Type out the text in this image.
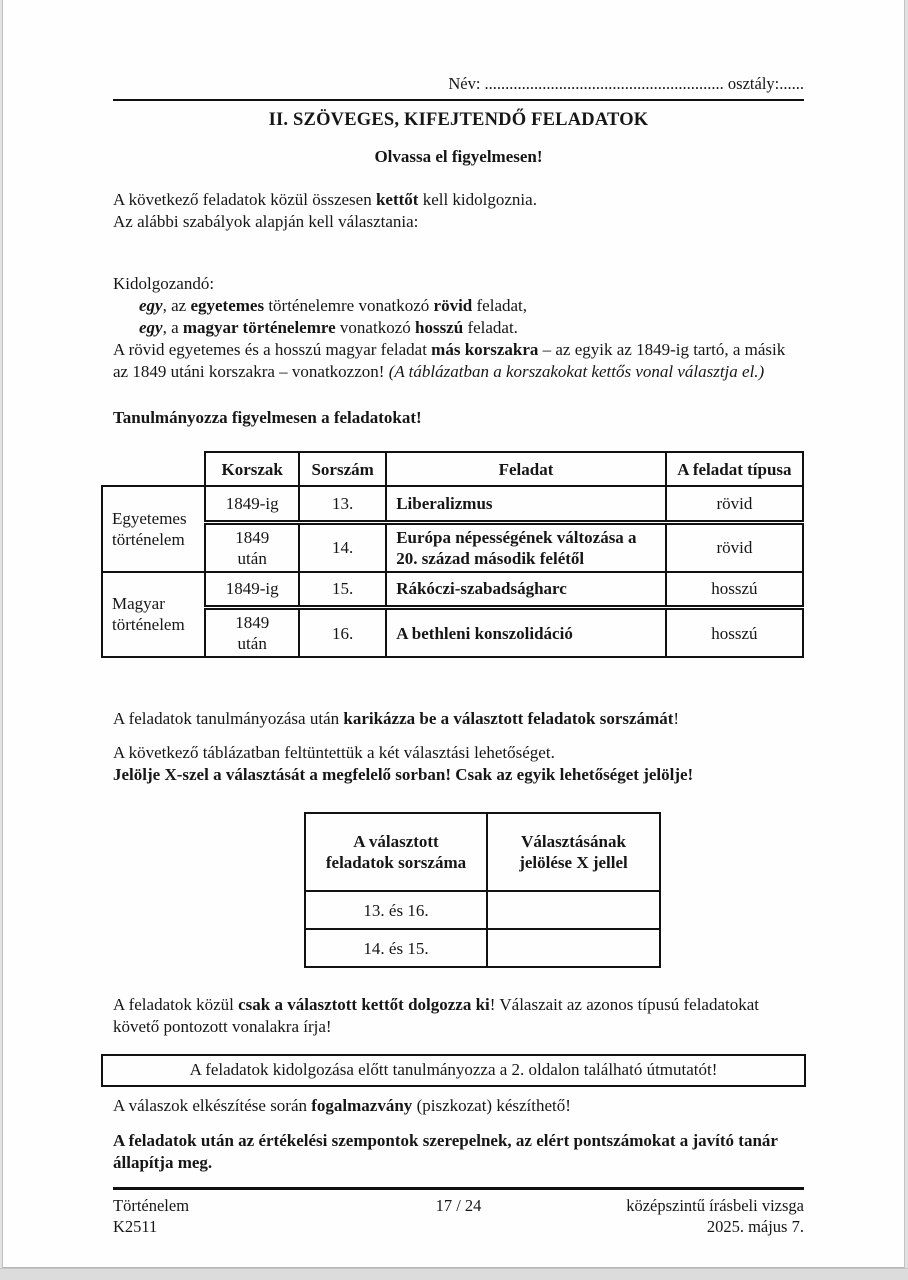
Név: .......................................................... osztály:......
II. SZÖVEGES, KIFEJTENDŐ FELADATOK
Olvassa el figyelmesen!

A következő feladatok közül összesen kettőt kell kidolgoznia.

Az alábbi szabályok alapján kell választania:

Kidolgozandó:

egy, az egyetemes történelemre vonatkozó rövid feladat,

egy, a magyar történelemre vonatkozó hosszú feladat.

A rövid egyetemes és a hosszú magyar feladat más korszakra – az egyik az 1849-ig tartó, a másik az 1849 utáni korszakra – vonatkozzon! (A táblázatban a korszakokat kettős vonal választja el.)

Tanulmányozza figyelmesen a feladatokat!

	Korszak	Sorszám	Feladat	A feladat típusa
Egyetemes történelem	1849-ig	13.	Liberalizmus	rövid
	1849 után	14.	Európa népességének változása a 20. század második felétől	rövid
Magyar történelem	1849-ig	15.	Rákóczi-szabadságharc	hosszú
	1849 után	16.	A bethleni konszolidáció	hosszú

A feladatok tanulmányozása után karikázza be a választott feladatok sorszámát!

A következő táblázatban feltüntettük a két választási lehetőséget.

Jelölje X-szel a választását a megfelelő sorban! Csak az egyik lehetőséget jelölje!

A választott feladatok sorszáma	Választásának jelölése X jellel
13. és 16.	
14. és 15.	

A feladatok közül csak a választott kettőt dolgozza ki! Válaszait az azonos típusú feladatokat követő pontozott vonalakra írja!

A feladatok kidolgozása előtt tanulmányozza a 2. oldalon található útmutatót!

A válaszok elkészítése során fogalmazvány (piszkozat) készíthető!

A feladatok után az értékelési szempontok szerepelnek, az elért pontszámokat a javító tanár állapítja meg.

Történelem
K2511
17 / 24	középszintű írásbeli vizsga
2025. május 7.
